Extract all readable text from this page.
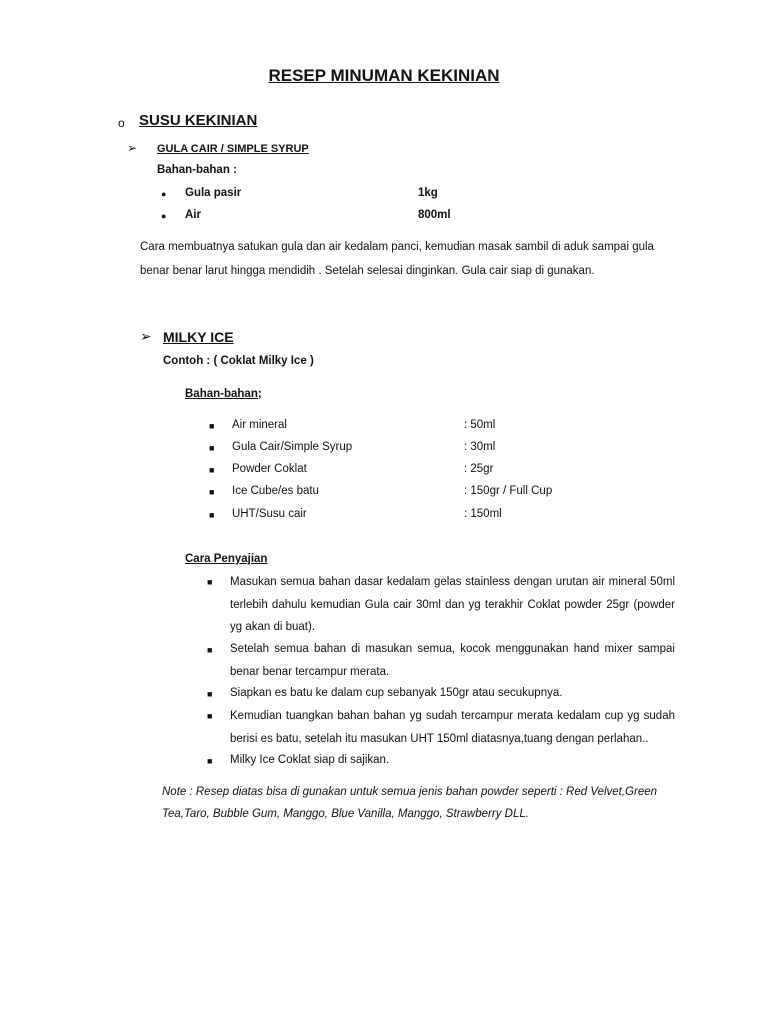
RESEP MINUMAN KEKINIAN
o SUSU KEKINIAN
➢ GULA CAIR / SIMPLE SYRUP
Bahan-bahan :
● Gula pasir	1kg
● Air	800ml
Cara membuatnya satukan gula dan air kedalam panci, kemudian masak sambil di aduk sampai gula
benar benar larut hingga mendidih . Setelah selesai dinginkan. Gula cair siap di gunakan.
➢ MILKY ICE
Contoh : ( Coklat Milky Ice )
Bahan-bahan;
■ Air mineral	: 50ml
■ Gula Cair/Simple Syrup	: 30ml
■ Powder Coklat	: 25gr
■ Ice Cube/es batu	: 150gr / Full Cup
■ UHT/Susu cair	: 150ml
Cara Penyajian
■ Masukan semua bahan dasar kedalam gelas stainless dengan urutan air mineral 50ml terlebih dahulu kemudian Gula cair 30ml dan yg terakhir Coklat powder 25gr (powder yg akan di buat).
■ Setelah semua bahan di masukan semua, kocok menggunakan hand mixer sampai benar benar tercampur merata.
■ Siapkan es batu ke dalam cup sebanyak 150gr atau secukupnya.
■ Kemudian tuangkan bahan bahan yg sudah tercampur merata kedalam cup yg sudah berisi es batu, setelah itu masukan UHT 150ml diatasnya,tuang dengan perlahan..
■ Milky Ice Coklat siap di sajikan.
Note : Resep diatas bisa di gunakan untuk semua jenis bahan powder seperti : Red Velvet,Green
Tea,Taro, Bubble Gum, Manggo, Blue Vanilla, Manggo, Strawberry DLL.
